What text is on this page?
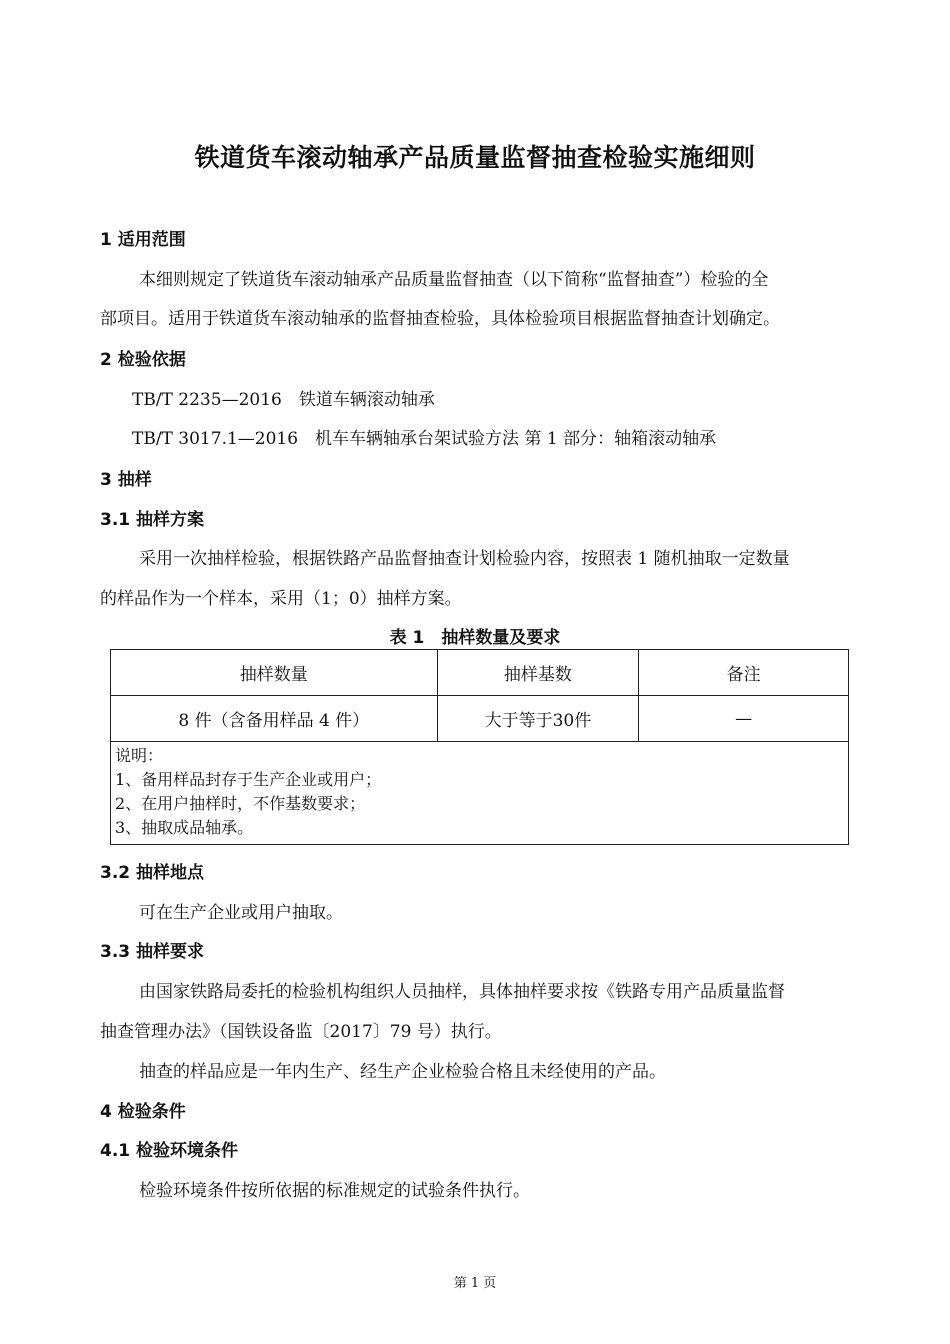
铁道货车滚动轴承产品质量监督抽查检验实施细则
1 适用范围
本细则规定了铁道货车滚动轴承产品质量监督抽查（以下简称“监督抽查”）检验的全
部项目。适用于铁道货车滚动轴承的监督抽查检验，具体检验项目根据监督抽查计划确定。
2 检验依据
TB/T 2235—2016　铁道车辆滚动轴承
TB/T 3017.1—2016　机车车辆轴承台架试验方法 第 1 部分：轴箱滚动轴承
3 抽样
3.1 抽样方案
采用一次抽样检验，根据铁路产品监督抽查计划检验内容，按照表 1 随机抽取一定数量
的样品作为一个样本，采用（1；0）抽样方案。
表 1　抽样数量及要求
抽样数量	抽样基数	备注
8 件（含备用样品 4 件）	大于等于30件	—

说明：
1、备用样品封存于生产企业或用户；
2、在用户抽样时，不作基数要求；
3、抽取成品轴承。		
3.2 抽样地点
可在生产企业或用户抽取。
3.3 抽样要求
由国家铁路局委托的检验机构组织人员抽样，具体抽样要求按《铁路专用产品质量监督
抽查管理办法》（国铁设备监〔2017〕79 号）执行。
抽查的样品应是一年内生产、经生产企业检验合格且未经使用的产品。
4 检验条件
4.1 检验环境条件
检验环境条件按所依据的标准规定的试验条件执行。
第 1 页
